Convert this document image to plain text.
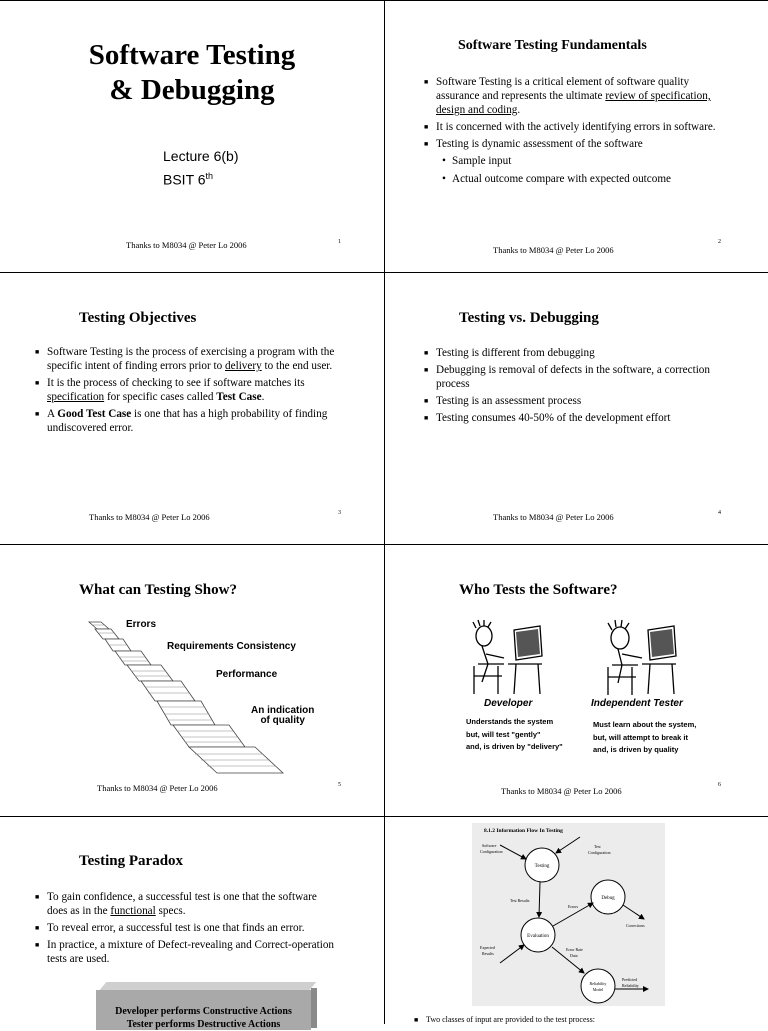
Software Testing
& Debugging
Lecture 6(b)
BSIT 6th
Thanks to M8034 @ Peter Lo 2006	1
Software Testing Fundamentals
■ Software Testing is a critical element of software quality assurance and represents the ultimate review of specification, design and coding.
■ It is concerned with the actively identifying errors in software.
■ Testing is dynamic assessment of the software
• Sample input
• Actual outcome compare with expected outcome
Thanks to M8034 @ Peter Lo 2006
2
Testing Objectives
■ Software Testing is the process of exercising a program with the specific intent of finding errors prior to delivery to the end user.
■ It is the process of checking to see if software matches its specification for specific cases called Test Case.
■ A Good Test Case is one that has a high probability of finding undiscovered error.
Thanks to M8034 @ Peter Lo 2006	3
Testing vs. Debugging
■ Testing is different from debugging
■ Debugging is removal of defects in the software, a correction process
■ Testing is an assessment process
■ Testing consumes 40-50% of the development effort
Thanks to M8034 @ Peter Lo 2006	4
What can Testing Show?
Errors
Requirements Consistency
Performance
An indication
of quality
Thanks to M8034 @ Peter Lo 2006	5
Who Tests the Software?
Developer
Understands the system
but, will test "gently"
and, is driven by "delivery"
Independent Tester
Must learn about the system,
but, will attempt to break it
and, is driven by quality
Thanks to M8034 @ Peter Lo 2006
6
Testing Paradox
■ To gain confidence, a successful test is one that the software does as in the functional specs.
■ To reveal error, a successful test is one that finds an error.
■ In practice, a mixture of Defect-revealing and Correct-operation tests are used.
Developer performs Constructive Actions
Tester performs Destructive Actions
8.1.2 Information Flow In Testing
Testing
Debug
Evaluation
Reliability
Model
Software
Configuration
Test
Configuration
Test Results
Errors
Corrections
Expected
Results
Error Rate
Data
Predicted
Reliability
■ Two classes of input are provided to the test process:
